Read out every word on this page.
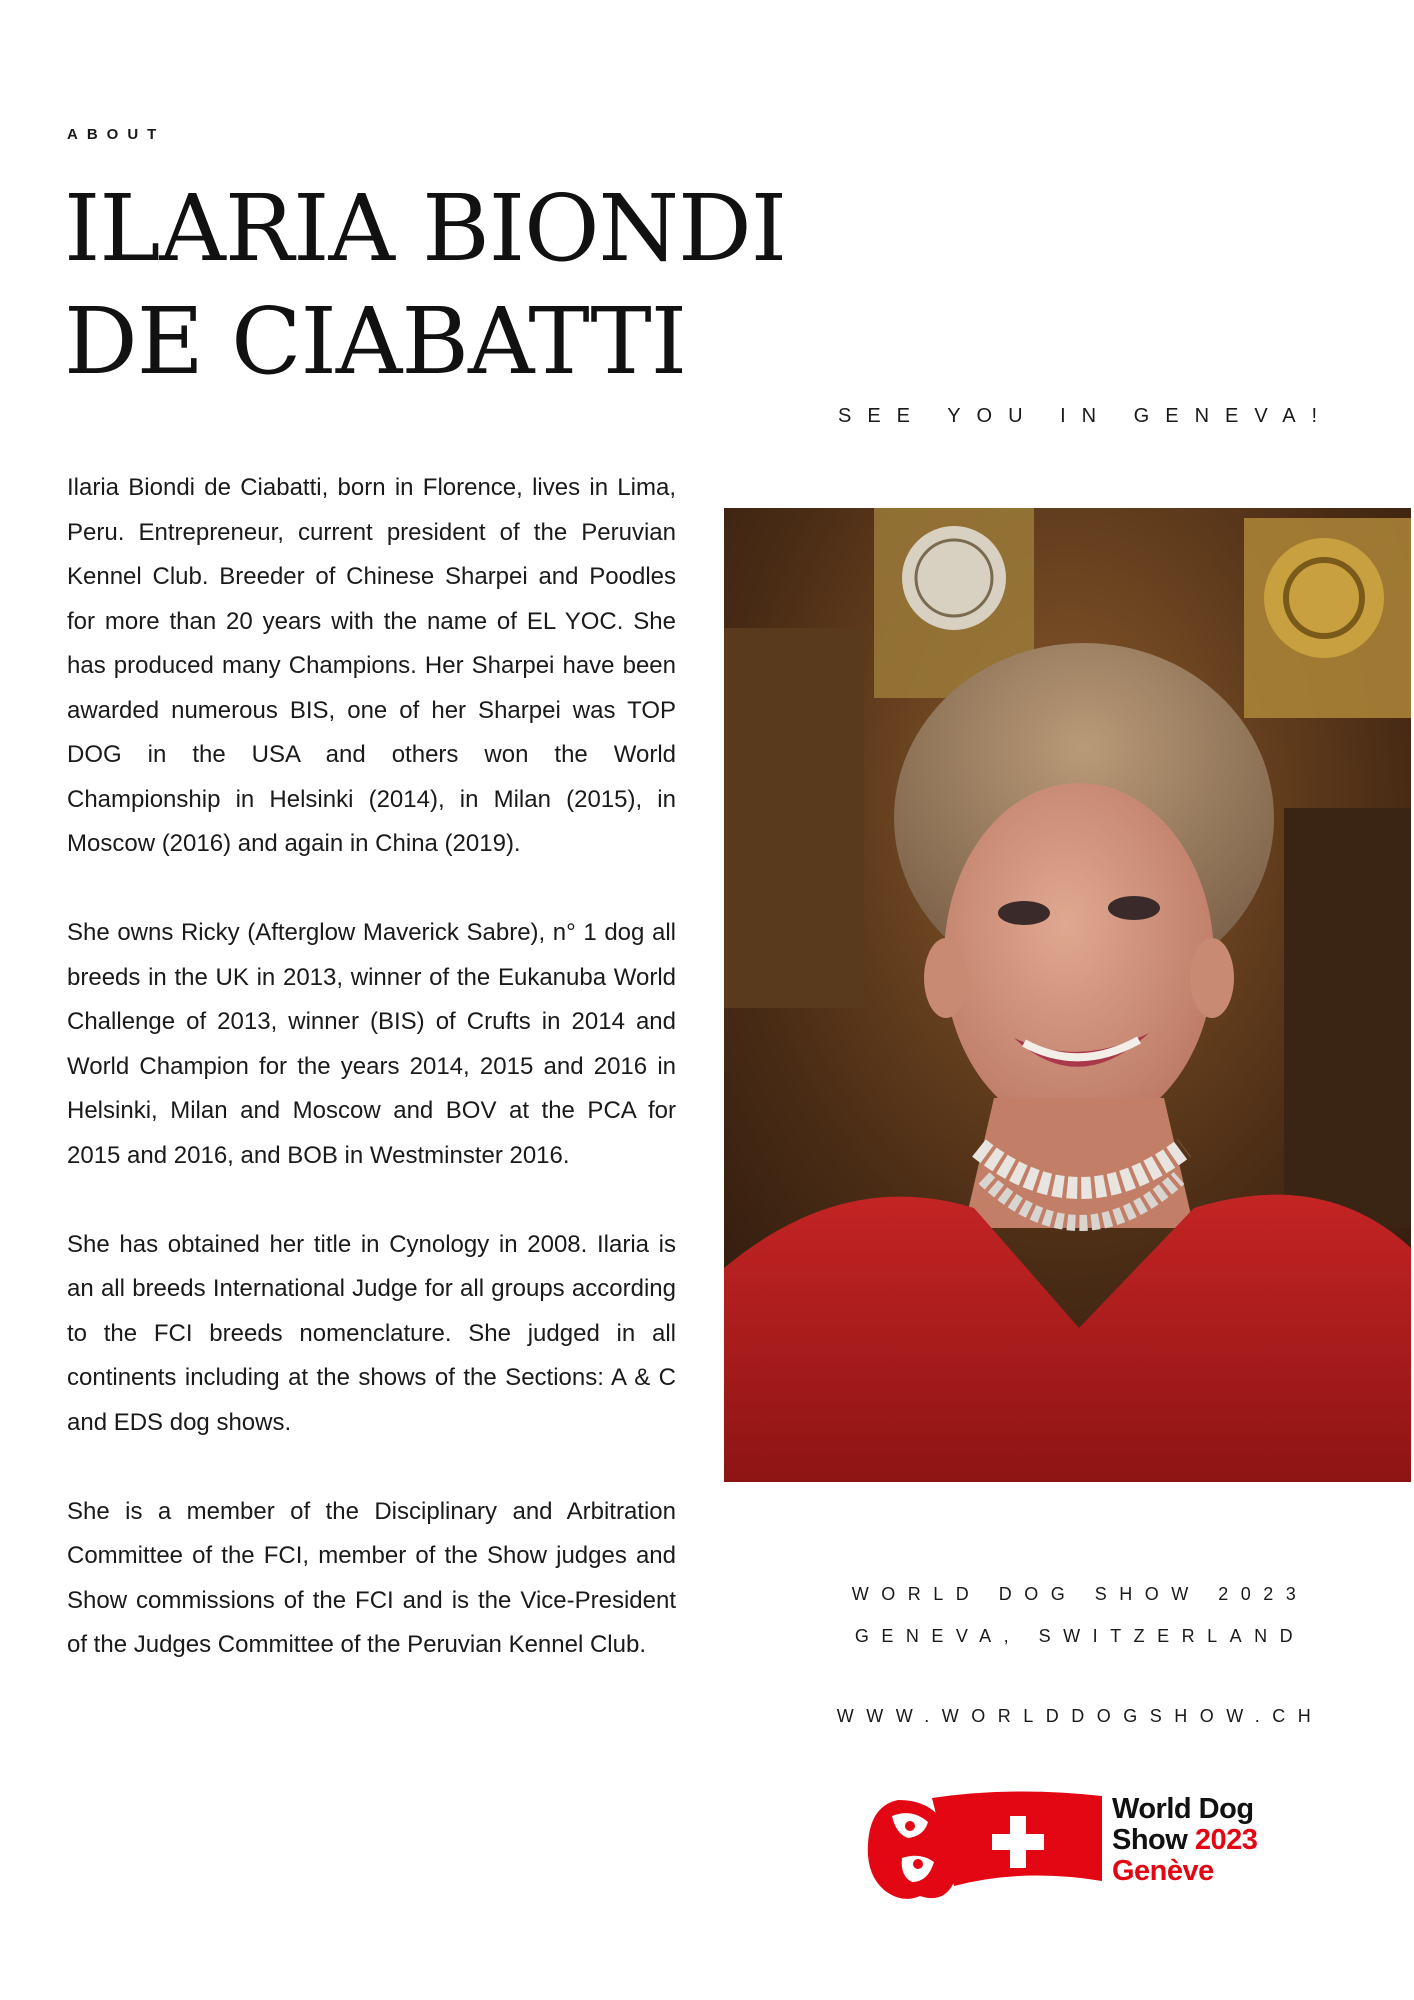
ABOUT
ILARIA BIONDI
DE CIABATTI
SEE YOU IN GENEVA!

Ilaria Biondi de Ciabatti, born in Florence, lives in Lima, Peru. Entrepreneur, current president of the Peruvian Kennel Club. Breeder of Chinese Sharpei and Poodles for more than 20 years with the name of EL YOC. She has produced many Champions. Her Sharpei have been awarded numerous BIS, one of her Sharpei was TOP DOG in the USA and others won the World Championship in Helsinki (2014), in Milan (2015), in Moscow (2016) and again in China (2019).

She owns Ricky (Afterglow Maverick Sabre), n° 1 dog all breeds in the UK in 2013, winner of the Eukanuba World Challenge of 2013, winner (BIS) of Crufts in 2014 and World Champion for the years 2014, 2015 and 2016 in Helsinki, Milan and Moscow and BOV at the PCA for 2015 and 2016, and BOB in Westminster 2016.

She has obtained her title in Cynology in 2008. Ilaria is an all breeds International Judge for all groups according to the FCI breeds nomenclature. She judged in all continents including at the shows of the Sections: A & C and EDS dog shows.

She is a member of the Disciplinary and Arbitration Committee of the FCI, member of the Show judges and Show commissions of the FCI and is the Vice-President of the Judges Committee of the Peruvian Kennel Club.

WORLD DOG SHOW 2023
GENEVA, SWITZERLAND
WWW.WORLDDOGSHOW.CH
World Dog
Show 2023
Genève
